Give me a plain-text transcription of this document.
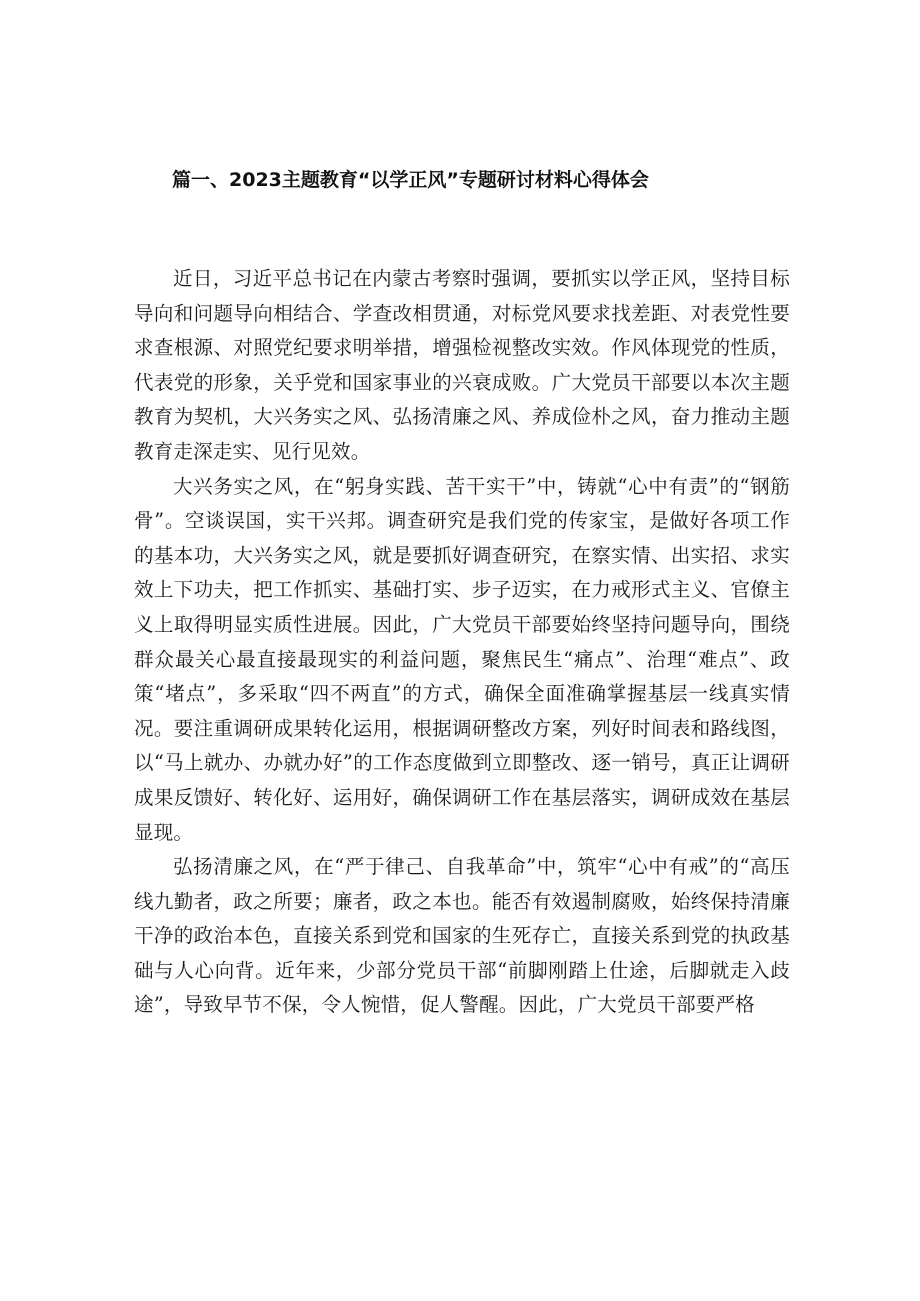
篇一、2023主题教育“以学正风”专题研讨材料心得体会

近日，习近平总书记在内蒙古考察时强调，要抓实以学正风，坚持目标导向和问题导向相结合、学查改相贯通，对标党风要求找差距、对表党性要求查根源、对照党纪要求明举措，增强检视整改实效。作风体现党的性质，代表党的形象，关乎党和国家事业的兴衰成败。广大党员干部要以本次主题教育为契机，大兴务实之风、弘扬清廉之风、养成俭朴之风，奋力推动主题教育走深走实、见行见效。

大兴务实之风，在“躬身实践、苦干实干”中，铸就“心中有责”的“钢筋骨”。空谈误国，实干兴邦。调查研究是我们党的传家宝，是做好各项工作的基本功，大兴务实之风，就是要抓好调查研究，在察实情、出实招、求实效上下功夫，把工作抓实、基础打实、步子迈实，在力戒形式主义、官僚主义上取得明显实质性进展。因此，广大党员干部要始终坚持问题导向，围绕群众最关心最直接最现实的利益问题，聚焦民生“痛点”、治理“难点”、政策“堵点”，多采取“四不两直”的方式，确保全面准确掌握基层一线真实情况。要注重调研成果转化运用，根据调研整改方案，列好时间表和路线图，以“马上就办、办就办好”的工作态度做到立即整改、逐一销号，真正让调研成果反馈好、转化好、运用好，确保调研工作在基层落实，调研成效在基层显现。

弘扬清廉之风，在“严于律己、自我革命”中，筑牢“心中有戒”的“高压线九勤者，政之所要；廉者，政之本也。能否有效遏制腐败，始终保持清廉干净的政治本色，直接关系到党和国家的生死存亡，直接关系到党的执政基础与人心向背。近年来，少部分党员干部“前脚刚踏上仕途，后脚就走入歧途”，导致早节不保，令人惋惜，促人警醒。因此，广大党员干部要严格
